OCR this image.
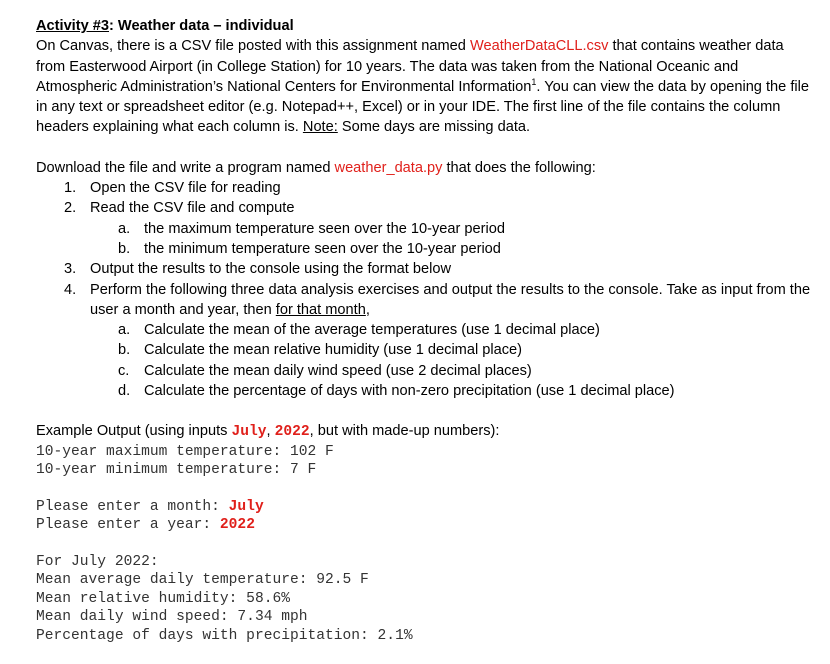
Activity #3: Weather data – individual

On Canvas, there is a CSV file posted with this assignment named WeatherDataCLL.csv that contains weather data from Easterwood Airport (in College Station) for 10 years. The data was taken from the National Oceanic and Atmospheric Administration’s National Centers for Environmental Information$^1$. You can view the data by opening the file in any text or spreadsheet editor (e.g. Notepad++, Excel) or in your IDE. The first line of the file contains the column headers explaining what each column is. Note: Some days are missing data.

Download the file and write a program named weather_data.py that does the following:

1. Open the CSV file for reading
2. Read the CSV file and compute
a. the maximum temperature seen over the 10-year period
b. the minimum temperature seen over the 10-year period
3. Output the results to the console using the format below
4. Perform the following three data analysis exercises and output the results to the console. Take as input from the user a month and year, then for that month,
a. Calculate the mean of the average temperatures (use 1 decimal place)
b. Calculate the mean relative humidity (use 1 decimal place)
c. Calculate the mean daily wind speed (use 2 decimal places)
d. Calculate the percentage of days with non-zero precipitation (use 1 decimal place)

Example Output (using inputs July, 2022, but with made-up numbers):

10-year maximum temperature: 102 F
10-year minimum temperature: 7 F
Please enter a month: July
Please enter a year: 2022
For July 2022:
Mean average daily temperature: 92.5 F
Mean relative humidity: 58.6%
Mean daily wind speed: 7.34 mph
Percentage of days with precipitation: 2.1%
